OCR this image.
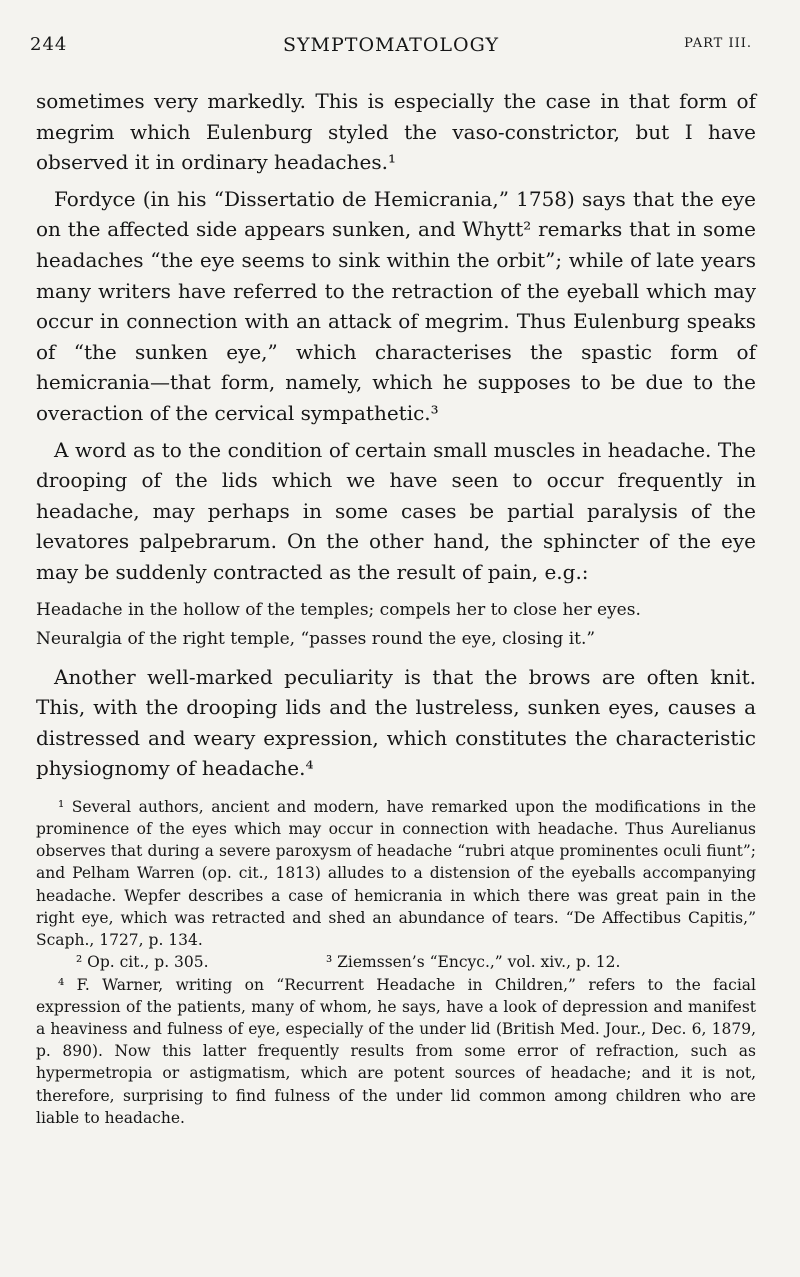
244	SYMPTOMATOLOGY	PART III.

sometimes very markedly. This is especially the case in that form of megrim which Eulenburg styled the vaso-constrictor, but I have observed it in ordinary headaches.¹

Fordyce (in his “Dissertatio de Hemicrania,” 1758) says that the eye on the affected side appears sunken, and Whytt² remarks that in some headaches “the eye seems to sink within the orbit”; while of late years many writers have referred to the retraction of the eyeball which may occur in connection with an attack of megrim. Thus Eulenburg speaks of “the sunken eye,” which characterises the spastic form of hemicrania—that form, namely, which he supposes to be due to the overaction of the cervical sympathetic.³

A word as to the condition of certain small muscles in headache. The drooping of the lids which we have seen to occur frequently in headache, may perhaps in some cases be partial paralysis of the levatores palpebrarum. On the other hand, the sphincter of the eye may be suddenly contracted as the result of pain, e.g.:

Headache in the hollow of the temples; compels her to close her eyes.

Neuralgia of the right temple, “passes round the eye, closing it.”

Another well-marked peculiarity is that the brows are often knit. This, with the drooping lids and the lustreless, sunken eyes, causes a distressed and weary expression, which constitutes the characteristic physiognomy of headache.⁴

¹ Several authors, ancient and modern, have remarked upon the modifications in the prominence of the eyes which may occur in connection with headache. Thus Aurelianus observes that during a severe paroxysm of headache “rubri atque prominentes oculi fiunt”; and Pelham Warren (op. cit., 1813) alludes to a distension of the eyeballs accompanying headache. Wepfer describes a case of hemicrania in which there was great pain in the right eye, which was retracted and shed an abundance of tears. “De Affectibus Capitis,” Scaph., 1727, p. 134.

² Op. cit., p. 305.	³ Ziemssen’s “Encyc.,” vol. xiv., p. 12.

⁴ F. Warner, writing on “Recurrent Headache in Children,” refers to the facial expression of the patients, many of whom, he says, have a look of depression and manifest a heaviness and fulness of eye, especially of the under lid (British Med. Jour., Dec. 6, 1879, p. 890). Now this latter frequently results from some error of refraction, such as hypermetropia or astigmatism, which are potent sources of headache; and it is not, therefore, surprising to find fulness of the under lid common among children who are liable to headache.
